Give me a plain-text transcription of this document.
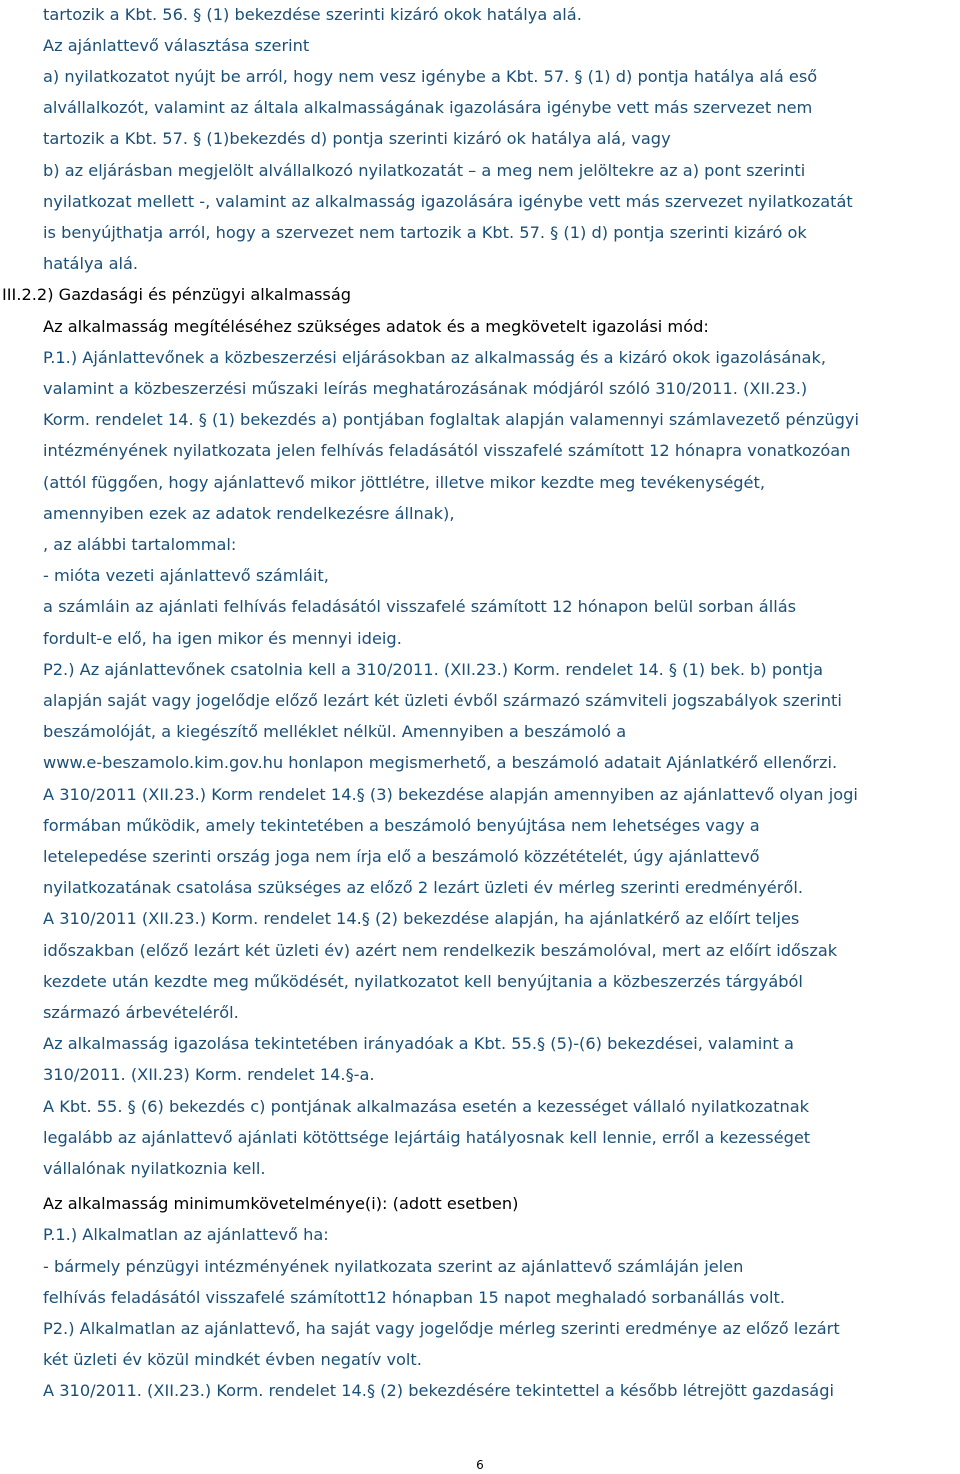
tartozik a Kbt. 56. § (1) bekezdése szerinti kizáró okok hatálya alá.
Az ajánlattevő választása szerint
a) nyilatkozatot nyújt be arról, hogy nem vesz igénybe a Kbt. 57. § (1) d) pontja hatálya alá eső
alvállalkozót, valamint az általa alkalmasságának igazolására igénybe vett más szervezet nem
tartozik a Kbt. 57. § (1)bekezdés d) pontja szerinti kizáró ok hatálya alá, vagy
b) az eljárásban megjelölt alvállalkozó nyilatkozatát – a meg nem jelöltekre az a) pont szerinti
nyilatkozat mellett -, valamint az alkalmasság igazolására igénybe vett más szervezet nyilatkozatát
is benyújthatja arról, hogy a szervezet nem tartozik a Kbt. 57. § (1) d) pontja szerinti kizáró ok
hatálya alá.
III.2.2) Gazdasági és pénzügyi alkalmasság
Az alkalmasság megítéléséhez szükséges adatok és a megkövetelt igazolási mód:
P.1.) Ajánlattevőnek a közbeszerzési eljárásokban az alkalmasság és a kizáró okok igazolásának,
valamint a közbeszerzési műszaki leírás meghatározásának módjáról szóló 310/2011. (XII.23.)
Korm. rendelet 14. § (1) bekezdés a) pontjában foglaltak alapján valamennyi számlavezető pénzügyi
intézményének nyilatkozata jelen felhívás feladásától visszafelé számított 12 hónapra vonatkozóan
(attól függően, hogy ajánlattevő mikor jöttlétre, illetve mikor kezdte meg tevékenységét,
amennyiben ezek az adatok rendelkezésre állnak),
, az alábbi tartalommal:
- mióta vezeti ajánlattevő számláit,
a számláin az ajánlati felhívás feladásától visszafelé számított 12 hónapon belül sorban állás
fordult-e elő, ha igen mikor és mennyi ideig.
P2.) Az ajánlattevőnek csatolnia kell a 310/2011. (XII.23.) Korm. rendelet 14. § (1) bek. b) pontja
alapján saját vagy jogelődje előző lezárt két üzleti évből származó számviteli jogszabályok szerinti
beszámolóját, a kiegészítő melléklet nélkül. Amennyiben a beszámoló a
www.e-beszamolo.kim.gov.hu honlapon megismerhető, a beszámoló adatait Ajánlatkérő ellenőrzi.
A 310/2011 (XII.23.) Korm rendelet 14.§ (3) bekezdése alapján amennyiben az ajánlattevő olyan jogi
formában működik, amely tekintetében a beszámoló benyújtása nem lehetséges vagy a
letelepedése szerinti ország joga nem írja elő a beszámoló közzétételét, úgy ajánlattevő
nyilatkozatának csatolása szükséges az előző 2 lezárt üzleti év mérleg szerinti eredményéről.
A 310/2011 (XII.23.) Korm. rendelet 14.§ (2) bekezdése alapján, ha ajánlatkérő az előírt teljes
időszakban (előző lezárt két üzleti év) azért nem rendelkezik beszámolóval, mert az előírt időszak
kezdete után kezdte meg működését, nyilatkozatot kell benyújtania a közbeszerzés tárgyából
származó árbevételéről.
Az alkalmasság igazolása tekintetében irányadóak a Kbt. 55.§ (5)-(6) bekezdései, valamint a
310/2011. (XII.23) Korm. rendelet 14.§-a.
A Kbt. 55. § (6) bekezdés c) pontjának alkalmazása esetén a kezességet vállaló nyilatkozatnak
legalább az ajánlattevő ajánlati kötöttsége lejártáig hatályosnak kell lennie, erről a kezességet
vállalónak nyilatkoznia kell.
Az alkalmasság minimumkövetelménye(i): (adott esetben)
P.1.) Alkalmatlan az ajánlattevő ha:
- bármely pénzügyi intézményének nyilatkozata szerint az ajánlattevő számláján jelen
felhívás feladásától visszafelé számított12 hónapban 15 napot meghaladó sorbanállás volt.
P2.) Alkalmatlan az ajánlattevő, ha saját vagy jogelődje mérleg szerinti eredménye az előző lezárt
két üzleti év közül mindkét évben negatív volt.
A 310/2011. (XII.23.) Korm. rendelet 14.§ (2) bekezdésére tekintettel a később létrejött gazdasági
6
